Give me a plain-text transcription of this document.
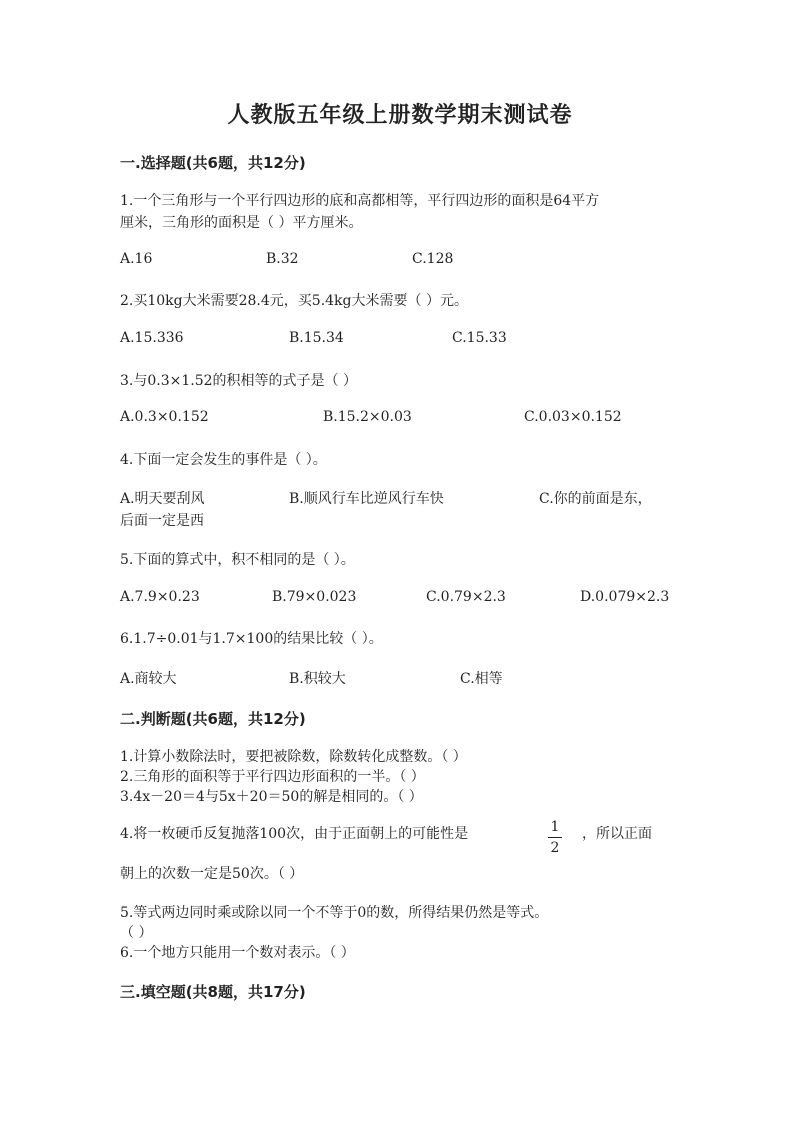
人教版五年级上册数学期末测试卷
一.选择题(共6题，共12分)
1.一个三角形与一个平行四边形的底和高都相等，平行四边形的面积是64平方
厘米，三角形的面积是（ ）平方厘米。
A.16	B.32	C.128
2.买10kg大米需要28.4元，买5.4kg大米需要（ ）元。
A.15.336	B.15.34	C.15.33
3.与0.3×1.52的积相等的式子是（ ）
A.0.3×0.152	B.15.2×0.03	C.0.03×0.152
4.下面一定会发生的事件是（ ）。
A.明天要刮风	B.顺风行车比逆风行车快	C.你的前面是东，
后面一定是西
5.下面的算式中，积不相同的是（ ）。
A.7.9×0.23	B.79×0.023	C.0.79×2.3	D.0.079×2.3
6.1.7÷0.01与1.7×100的结果比较（ ）。
A.商较大	B.积较大	C.相等
二.判断题(共6题，共12分)
1.计算小数除法时，要把被除数，除数转化成整数。（ ）
2.三角形的面积等于平行四边形面积的一半。（ ）
3.4x－20＝4与5x＋20＝50的解是相同的。（ ）
4.将一枚硬币反复抛落100次，由于正面朝上的可能性是	1
2
，所以正面
朝上的次数一定是50次。（ ）
5.等式两边同时乘或除以同一个不等于0的数，所得结果仍然是等式。
（ ）
6.一个地方只能用一个数对表示。（ ）
三.填空题(共8题，共17分)
